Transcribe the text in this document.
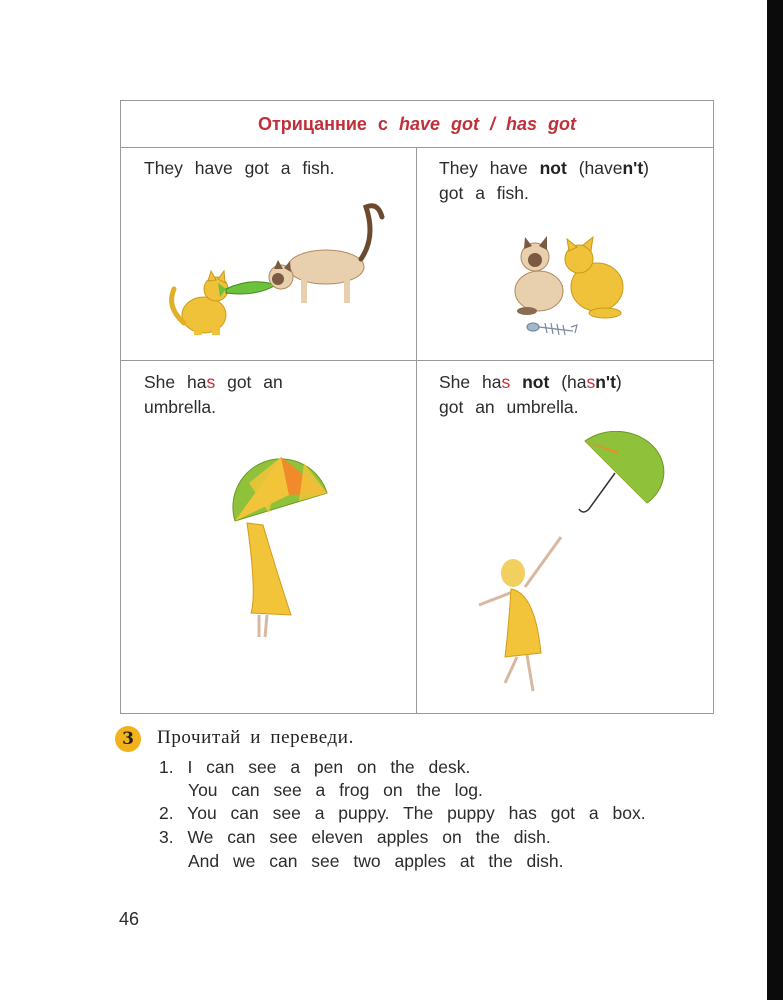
Отрицанние с
have got
/
has got
They have got a fish.	They have not (haven't)
got a fish.
She has got an
umbrella.
She has not (hasn't)
got an umbrella.
3	Прочитай и переведи.
1. I can see a pen on the desk.
You can see a frog on the log.
2. You can see a puppy. The puppy has got a box.
3. We can see eleven apples on the dish.
And we can see two apples at the dish.
46
